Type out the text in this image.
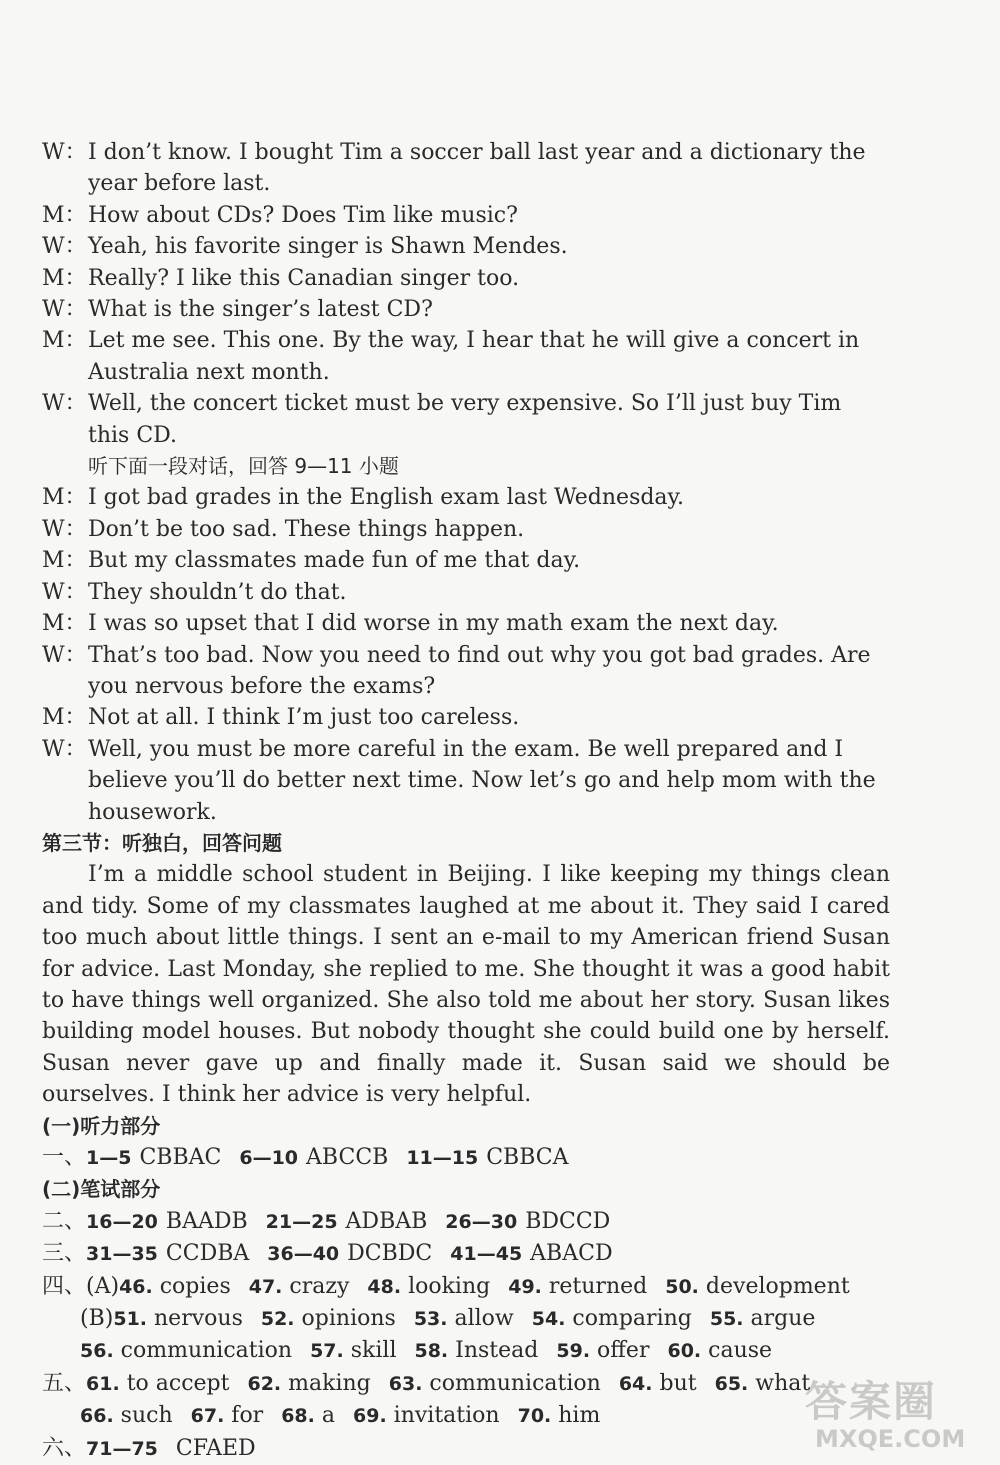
W： I don’t know. I bought Tim a soccer ball last year and a dictionary the
year before last.
M： How about CDs? Does Tim like music?
W： Yeah, his favorite singer is Shawn Mendes.
M： Really? I like this Canadian singer too.
W： What is the singer’s latest CD?
M： Let me see. This one. By the way, I hear that he will give a concert in
Australia next month.
W： Well, the concert ticket must be very expensive. So I’ll just buy Tim
this CD.
听下面一段对话，回答 9—11 小题
M： I got bad grades in the English exam last Wednesday.
W： Don’t be too sad. These things happen.
M： But my classmates made fun of me that day.
W： They shouldn’t do that.
M： I was so upset that I did worse in my math exam the next day.
W： That’s too bad. Now you need to find out why you got bad grades. Are
you nervous before the exams?
M： Not at all. I think I’m just too careless.
W： Well, you must be more careful in the exam. Be well prepared and I
believe you’ll do better next time. Now let’s go and help mom with the
housework.
第三节：听独白，回答问题
I’m a middle school student in Beijing. I like keeping my things clean and tidy. Some of my classmates laughed at me about it. They said I cared too much about little things. I sent an e-mail to my American friend Susan for advice. Last Monday, she replied to me. She thought it was a good habit to have things well organized. She also told me about her story. Susan likes building model houses. But nobody thought she could build one by herself. Susan never gave up and finally made it. Susan said we should be ourselves. I think her advice is very helpful.
(一)听力部分
一、1—5 CBBAC 6—10 ABCCB 11—15 CBBCA
(二)笔试部分
二、16—20 BAADB 21—25 ADBAB 26—30 BDCCD
三、31—35 CCDBA 36—40 DCBDC 41—45 ABACD
四、(A)46. copies 47. crazy 48. looking 49. returned 50. development
(B)51. nervous 52. opinions 53. allow 54. comparing 55. argue
56. communication 57. skill 58. Instead 59. offer 60. cause
五、61. to accept 62. making 63. communication 64. but 65. what
66. such 67. for 68. a 69. invitation 70. him
六、71—75 CFAED
答案圈
MXQE.COM
